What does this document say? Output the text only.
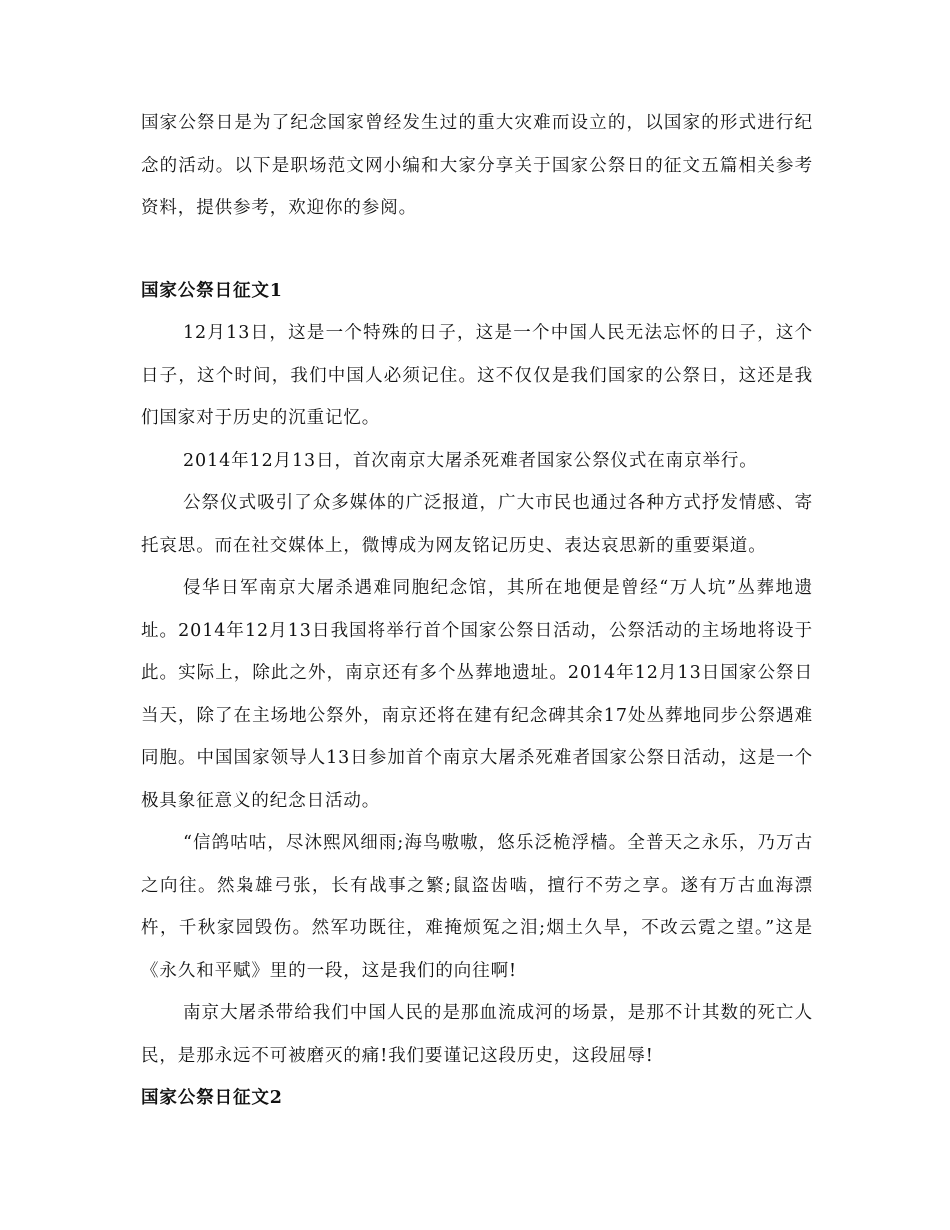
国家公祭日是为了纪念国家曾经发生过的重大灾难而设立的，以国家的形式进行纪念的活动。以下是职场范文网小编和大家分享关于国家公祭日的征文五篇相关参考资料，提供参考，欢迎你的参阅。

国家公祭日征文1

12月13日，这是一个特殊的日子，这是一个中国人民无法忘怀的日子，这个日子，这个时间，我们中国人必须记住。这不仅仅是我们国家的公祭日，这还是我们国家对于历史的沉重记忆。

2014年12月13日，首次南京大屠杀死难者国家公祭仪式在南京举行。

公祭仪式吸引了众多媒体的广泛报道，广大市民也通过各种方式抒发情感、寄托哀思。而在社交媒体上，微博成为网友铭记历史、表达哀思新的重要渠道。

侵华日军南京大屠杀遇难同胞纪念馆，其所在地便是曾经“万人坑”丛葬地遗址。2014年12月13日我国将举行首个国家公祭日活动，公祭活动的主场地将设于此。实际上，除此之外，南京还有多个丛葬地遗址。2014年12月13日国家公祭日当天，除了在主场地公祭外，南京还将在建有纪念碑其余17处丛葬地同步公祭遇难同胞。中国国家领导人13日参加首个南京大屠杀死难者国家公祭日活动，这是一个极具象征意义的纪念日活动。

“信鸽咕咕，尽沐熙风细雨;海鸟嗷嗷，悠乐泛桅浮樯。全普天之永乐，乃万古之向往。然枭雄弓张，长有战事之繁;鼠盗齿啮，擅行不劳之享。遂有万古血海漂杵，千秋家园毁伤。然军功既往，难掩烦冤之泪;烟土久旱，不改云霓之望。”这是《永久和平赋》里的一段，这是我们的向往啊!

南京大屠杀带给我们中国人民的是那血流成河的场景，是那不计其数的死亡人民，是那永远不可被磨灭的痛!我们要谨记这段历史，这段屈辱!

国家公祭日征文2
